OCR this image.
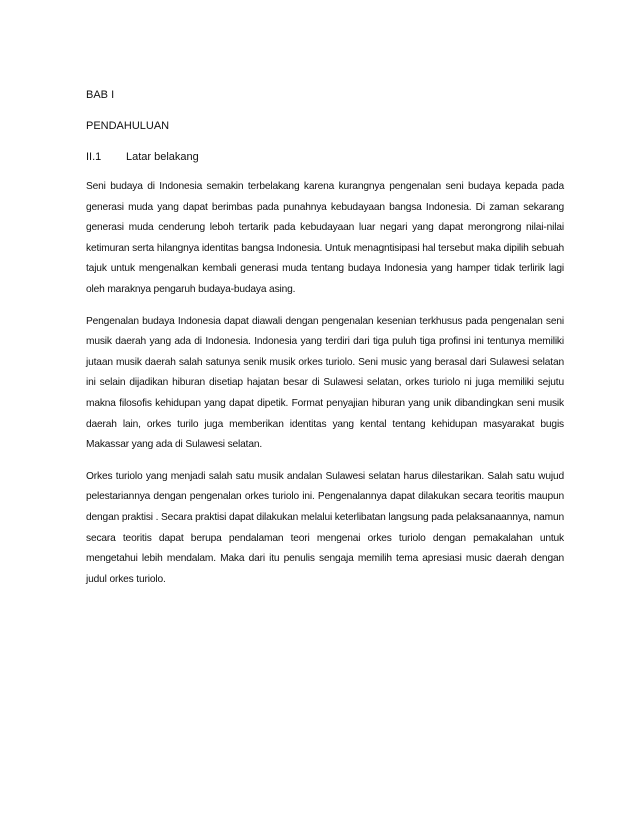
BAB I

PENDAHULUAN

II.1	Latar belakang

Seni budaya di Indonesia semakin terbelakang karena kurangnya pengenalan seni budaya kepada pada generasi muda yang dapat berimbas pada punahnya kebudayaan bangsa Indonesia. Di zaman sekarang generasi muda cenderung leboh tertarik pada kebudayaan luar negari yang dapat merongrong nilai-nilai ketimuran serta hilangnya identitas bangsa Indonesia. Untuk menagntisipasi hal tersebut maka dipilih sebuah tajuk untuk mengenalkan kembali generasi muda tentang budaya Indonesia yang hamper tidak terlirik lagi oleh maraknya pengaruh budaya-budaya asing.

Pengenalan budaya Indonesia dapat diawali dengan pengenalan kesenian terkhusus pada pengenalan seni musik daerah yang ada di Indonesia. Indonesia yang terdiri dari tiga puluh tiga profinsi ini tentunya memiliki jutaan musik daerah salah satunya senik musik orkes turiolo. Seni music yang berasal dari Sulawesi selatan ini selain dijadikan hiburan disetiap hajatan besar di Sulawesi selatan, orkes turiolo ni juga memiliki sejutu makna filosofis kehidupan yang dapat dipetik. Format penyajian hiburan yang unik dibandingkan seni musik daerah lain, orkes turilo juga memberikan identitas yang kental tentang kehidupan masyarakat bugis Makassar yang ada di Sulawesi selatan.

Orkes turiolo yang menjadi salah satu musik andalan Sulawesi selatan harus dilestarikan. Salah satu wujud pelestariannya dengan pengenalan orkes turiolo ini. Pengenalannya dapat dilakukan secara teoritis maupun dengan praktisi . Secara praktisi dapat dilakukan melalui keterlibatan langsung pada pelaksanaannya, namun secara teoritis dapat berupa pendalaman teori mengenai orkes turiolo dengan pemakalahan untuk mengetahui lebih mendalam. Maka dari itu penulis sengaja memilih tema apresiasi music daerah dengan judul orkes turiolo.
